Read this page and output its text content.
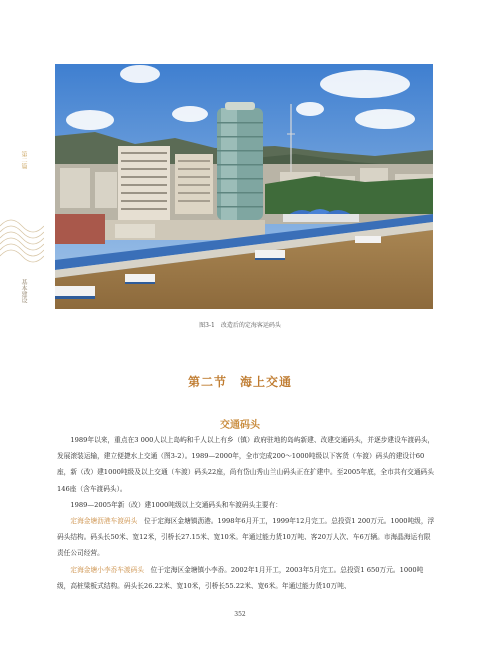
第二篇
基本建设
图3-1　改造后的定海客运码头
第二节　海上交通
交通码头

1989年以来，重点在3 000人以上岛屿和千人以上有乡（镇）政府驻地的岛屿新建、改建交通码头，并逐步建设车渡码头，发展滚装运输，建立便捷水上交通（图3-2）。1989—2000年，全市完成200～1000吨级以下客货（车渡）码头的建设计60座，新（改）建1000吨级及以上交通（车渡）码头22座，尚有岱山秀山兰山码头正在扩建中。至2005年底，全市共有交通码头146座（含车渡码头）。

1989—2005年新（改）建1000吨级以上交通码头和车渡码头主要有：

定海金塘沥港车渡码头　位于定海区金塘镇沥港。1998年6月开工，1999年12月完工。总投资1 200万元。1000吨级，浮码头结构。码头长50米、宽12米，引桥长27.15米、宽10米。年通过能力货10万吨、客20万人次、车6万辆。市海晶海运有限责任公司经营。

定海金塘小李岙车渡码头　位于定海区金塘镇小李岙。2002年1月开工，2003年5月完工。总投资1 650万元。1000吨级，高桩梁板式结构。码头长26.22米、宽10米，引桥长55.22米、宽6米。年通过能力货10万吨、

352
